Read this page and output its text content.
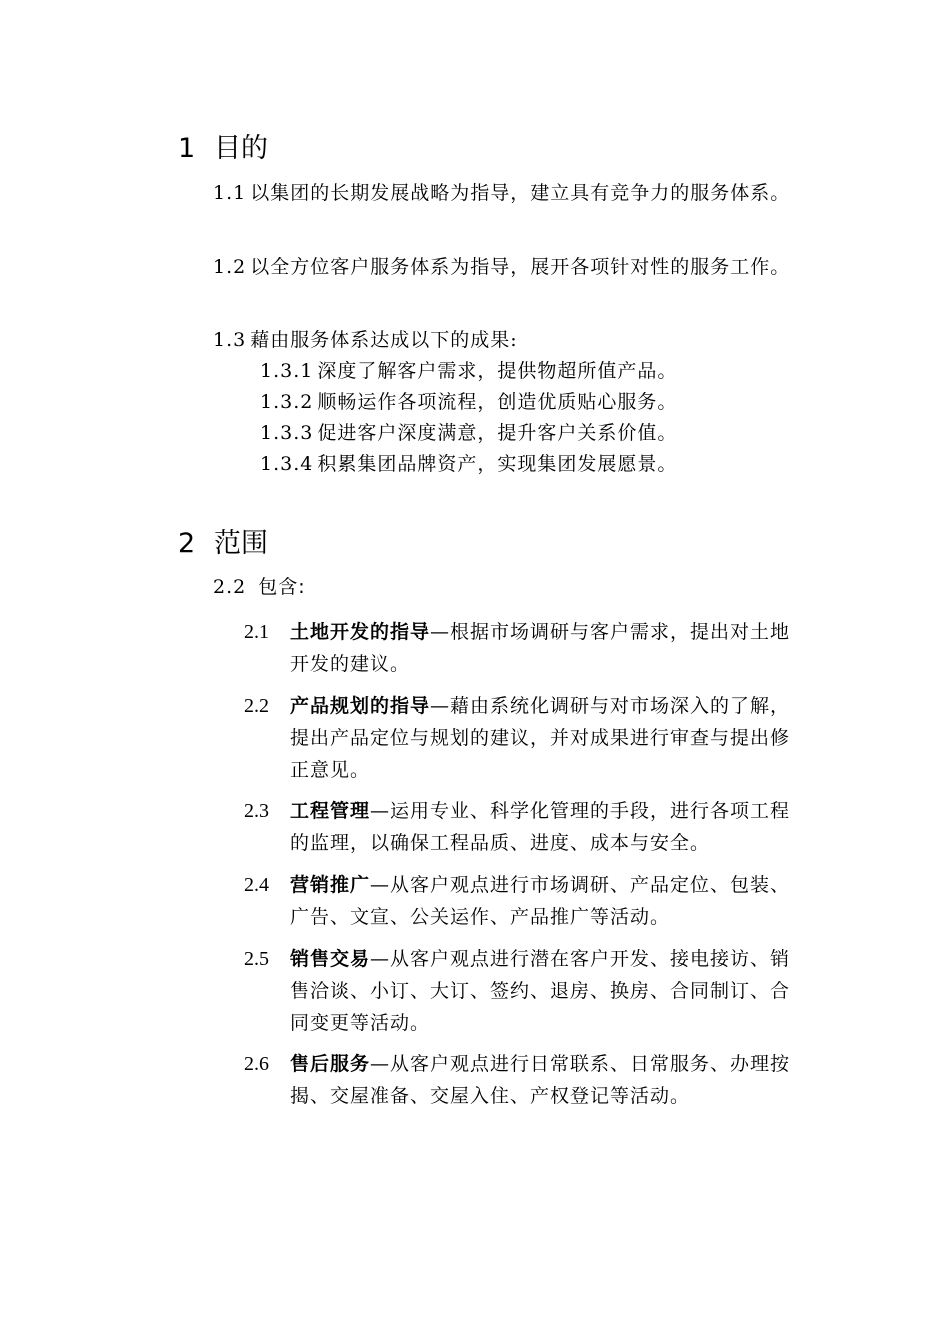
1 目的
1.1 以集团的长期发展战略为指导，建立具有竞争力的服务体系。
1.2 以全方位客户服务体系为指导，展开各项针对性的服务工作。
1.3 藉由服务体系达成以下的成果:
1.3.1 深度了解客户需求，提供物超所值产品。
1.3.2 顺畅运作各项流程，创造优质贴心服务。
1.3.3 促进客户深度满意，提升客户关系价值。
1.3.4 积累集团品牌资产，实现集团发展愿景。
2 范围
2.2 包含:
2.1 土地开发的指导—根据市场调研与客户需求，提出对土地开发的建议。
2.2 产品规划的指导—藉由系统化调研与对市场深入的了解，提出产品定位与规划的建议，并对成果进行审查与提出修正意见。
2.3 工程管理—运用专业、科学化管理的手段，进行各项工程的监理，以确保工程品质、进度、成本与安全。
2.4 营销推广—从客户观点进行市场调研、产品定位、包装、广告、文宣、公关运作、产品推广等活动。
2.5 销售交易—从客户观点进行潜在客户开发、接电接访、销售洽谈、小订、大订、签约、退房、换房、合同制订、合同变更等活动。
2.6 售后服务—从客户观点进行日常联系、日常服务、办理按揭、交屋准备、交屋入住、产权登记等活动。
